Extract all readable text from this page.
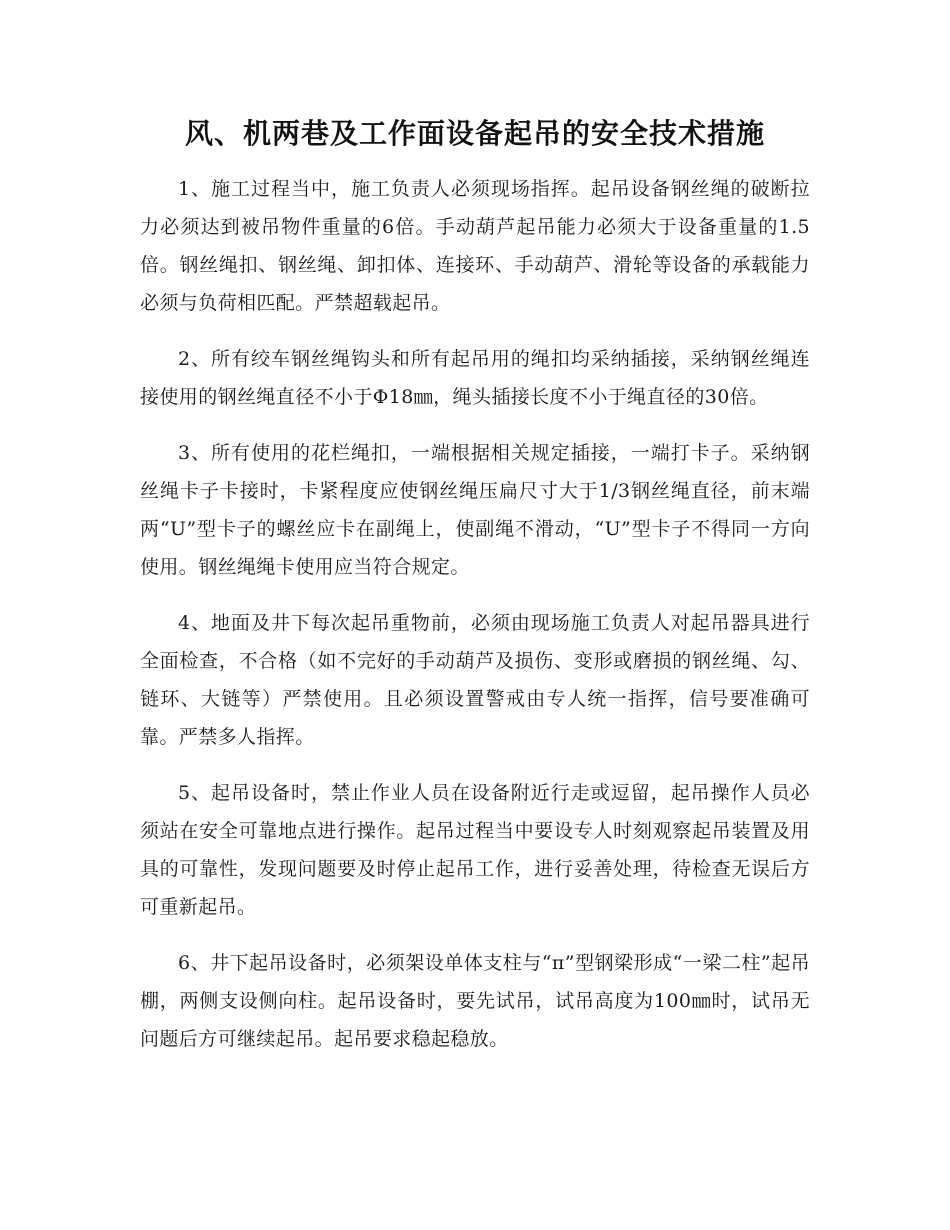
风、机两巷及工作面设备起吊的安全技术措施

1、施工过程当中，施工负责人必须现场指挥。起吊设备钢丝绳的破断拉力必须达到被吊物件重量的6倍。手动葫芦起吊能力必须大于设备重量的1.5倍。钢丝绳扣、钢丝绳、卸扣体、连接环、手动葫芦、滑轮等设备的承载能力必须与负荷相匹配。严禁超载起吊。

2、所有绞车钢丝绳钩头和所有起吊用的绳扣均采纳插接，采纳钢丝绳连接使用的钢丝绳直径不小于Φ18㎜，绳头插接长度不小于绳直径的30倍。

3、所有使用的花栏绳扣，一端根据相关规定插接，一端打卡子。采纳钢丝绳卡子卡接时，卡紧程度应使钢丝绳压扁尺寸大于1/3钢丝绳直径，前末端两“U”型卡子的螺丝应卡在副绳上，使副绳不滑动，“U”型卡子不得同一方向使用。钢丝绳绳卡使用应当符合规定。

4、地面及井下每次起吊重物前，必须由现场施工负责人对起吊器具进行全面检查，不合格（如不完好的手动葫芦及损伤、变形或磨损的钢丝绳、勾、链环、大链等）严禁使用。且必须设置警戒由专人统一指挥，信号要准确可靠。严禁多人指挥。

5、起吊设备时，禁止作业人员在设备附近行走或逗留，起吊操作人员必须站在安全可靠地点进行操作。起吊过程当中要设专人时刻观察起吊装置及用具的可靠性，发现问题要及时停止起吊工作，进行妥善处理，待检查无误后方可重新起吊。

6、井下起吊设备时，必须架设单体支柱与“π”型钢梁形成“一梁二柱”起吊棚，两侧支设侧向柱。起吊设备时，要先试吊，试吊高度为100㎜时，试吊无问题后方可继续起吊。起吊要求稳起稳放。
